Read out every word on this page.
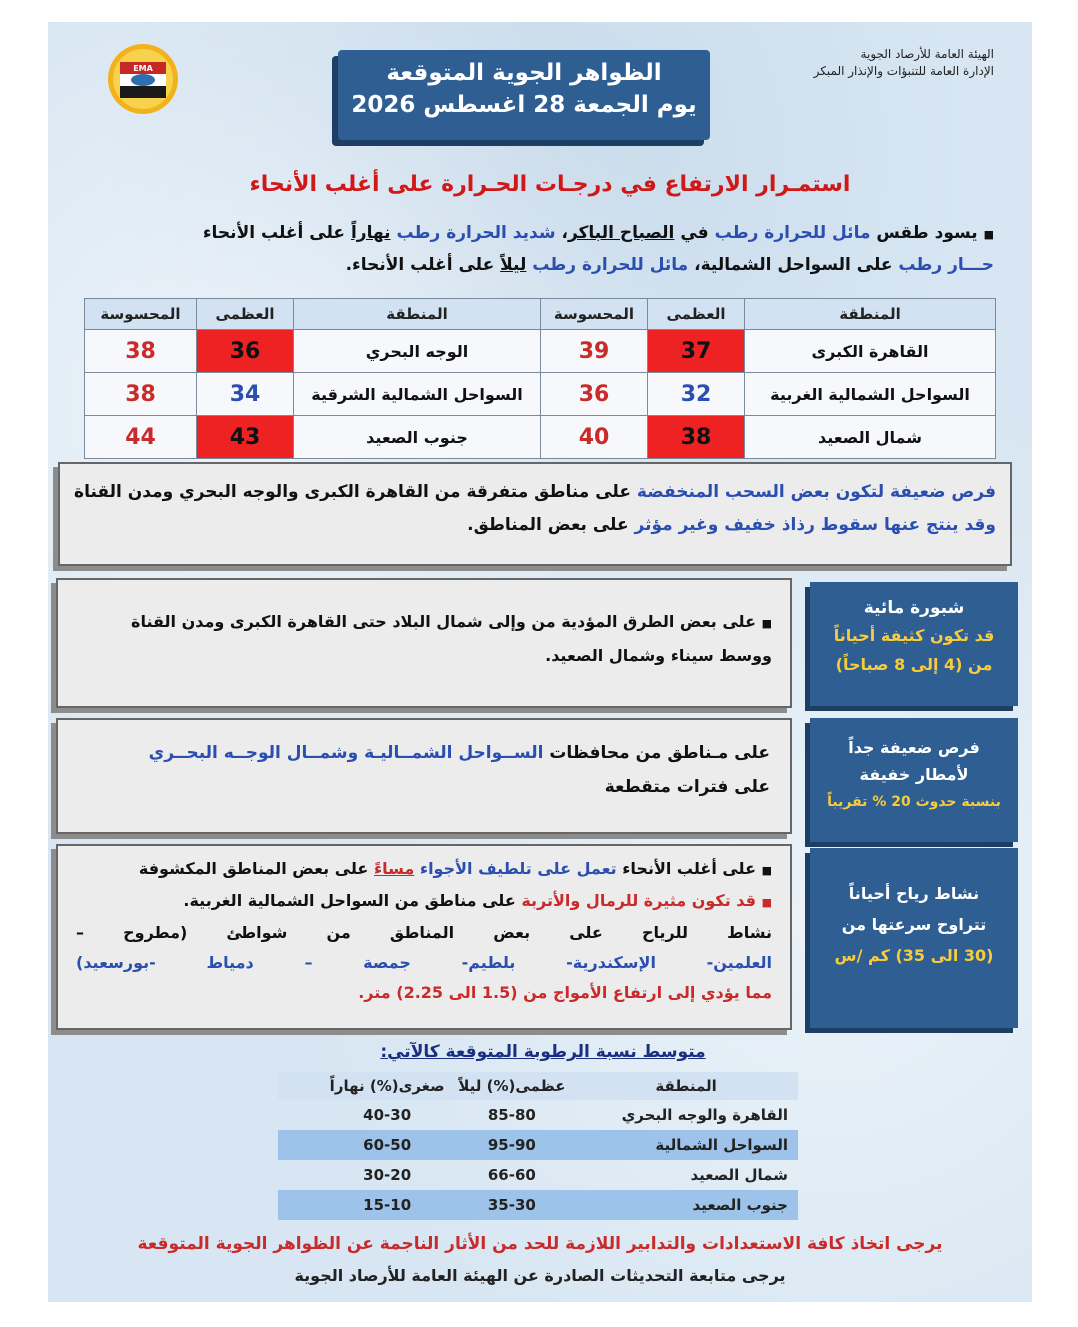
الهيئة العامة للأرصاد الجوية
الإدارة العامة للتنبؤات والإنذار المبكر
EMA	الظواهر الجوية المتوقعة
يوم الجمعة 28 اغسطس 2026
استمـرار الارتفاع في درجـات الحـرارة على أغلب الأنحاء
■ يسود طقس مائل للحرارة رطب في الصباح الباكر، شديد الحرارة رطب نهاراً على أغلب الأنحاء
حـــار رطب على السواحل الشمالية، مائل للحرارة رطب ليلاً على أغلب الأنحاء.
المنطقة	العظمى	المحسوسة	المنطقة	العظمى	المحسوسة
القاهرة الكبرى	37	39	الوجه البحري	36	38
السواحل الشمالية الغربية	32	36	السواحل الشمالية الشرقية	34	38
شمال الصعيد	38	40	جنوب الصعيد	43	44
فرص ضعيفة لتكون بعض السحب المنخفضة على مناطق متفرقة من القاهرة الكبرى والوجه البحري ومدن القناة وقد ينتج عنها سقوط رذاذ خفيف وغير مؤثر على بعض المناطق.
■ على بعض الطرق المؤدية من وإلى شمال البلاد حتى القاهرة الكبرى ومدن القناة
ووسط سيناء وشمال الصعيد.
شبورة مائية
قد تكون كثيفة أحياناً
من (4 إلى 8 صباحاً)
على مـناطق من محافظات الســواحل الشمــاليـة وشمــال الوجــه البحــري
على فترات متقطعة
فرص ضعيفة جداً
لأمطار خفيفة
بنسبة حدوث 20 % تقريباً
■ على أغلب الأنحاء تعمل على تلطيف الأجواء مساءً على بعض المناطق المكشوفة
■ قد تكون مثيرة للرمال والأتربة على مناطق من السواحل الشمالية الغربية.
نشاط للرياح على بعض المناطق من شواطئ (مطروح –
العلمين- الإسكندرية- بلطيم- جمصة – دمياط -بورسعيد)
مما يؤدي إلى ارتفاع الأمواج من (1.5 الى 2.25) متر.
نشاط رياح أحياناً
تتراوح سرعتها من
(30 الى 35) كم /س
متوسط نسبة الرطوبة المتوقعة كالآتي:
المنطقة	عظمى(%) ليلاً	صغرى(%) نهاراً	
القاهرة والوجه البحري	85-80	40-30	
السواحل الشمالية	95-90	60-50	
شمال الصعيد	66-60	30-20	
جنوب الصعيد	35-30	15-10	
يرجى اتخاذ كافة الاستعدادات والتدابير اللازمة للحد من الأثار الناجمة عن الظواهر الجوية المتوقعة
يرجى متابعة التحديثات الصادرة عن الهيئة العامة للأرصاد الجوية
